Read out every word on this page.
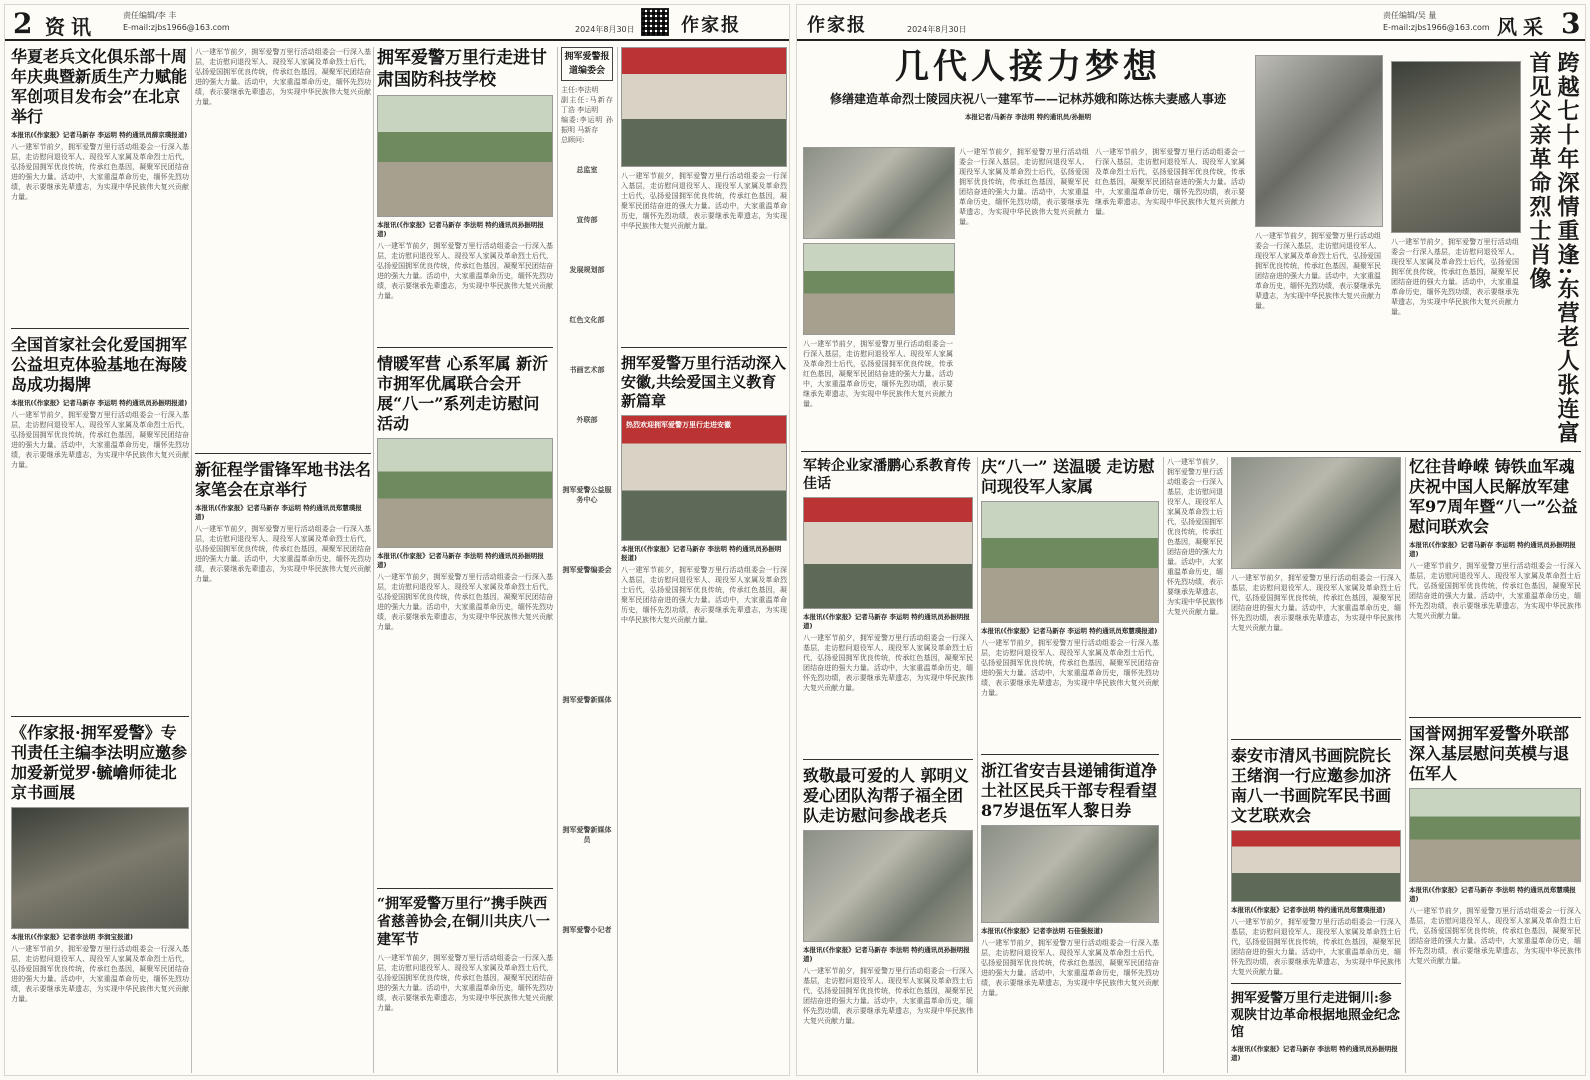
2 资讯	责任编辑/李 丰
E-mail:zjbs1966@163.com	2024年8月30日	作家报
华夏老兵文化俱乐部十周年庆典暨新质生产力赋能军创项目发布会”在北京举行
本报讯(《作家报》记者马新存 李运明 特约通讯员薛京璞报道)
八一建军节前夕，拥军爱警万里行活动组委会一行深入基层，走访慰问退役军人、现役军人家属及革命烈士后代，弘扬爱国拥军优良传统，传承红色基因，凝聚军民团结奋进的强大力量。活动中，大家重温革命历史，缅怀先烈功绩，表示要继承先辈遗志，为实现中华民族伟大复兴贡献力量。
全国首家社会化爱国拥军公益坦克体验基地在海陵岛成功揭牌
本报讯(《作家报》记者马新存 李运明 特约通讯员孙振明报道)
八一建军节前夕，拥军爱警万里行活动组委会一行深入基层，走访慰问退役军人、现役军人家属及革命烈士后代，弘扬爱国拥军优良传统，传承红色基因，凝聚军民团结奋进的强大力量。活动中，大家重温革命历史，缅怀先烈功绩，表示要继承先辈遗志，为实现中华民族伟大复兴贡献力量。
《作家报·拥军爱警》专刊责任主编李法明应邀参加爱新觉罗·毓嶦师徒北京书画展
本报讯(《作家报》记者李法明 李润宝报道)
八一建军节前夕，拥军爱警万里行活动组委会一行深入基层，走访慰问退役军人、现役军人家属及革命烈士后代，弘扬爱国拥军优良传统，传承红色基因，凝聚军民团结奋进的强大力量。活动中，大家重温革命历史，缅怀先烈功绩，表示要继承先辈遗志，为实现中华民族伟大复兴贡献力量。
八一建军节前夕，拥军爱警万里行活动组委会一行深入基层，走访慰问退役军人、现役军人家属及革命烈士后代，弘扬爱国拥军优良传统，传承红色基因，凝聚军民团结奋进的强大力量。活动中，大家重温革命历史，缅怀先烈功绩，表示要继承先辈遗志，为实现中华民族伟大复兴贡献力量。
新征程学雷锋军地书法名家笔会在京举行
本报讯(《作家报》记者马新存 李运明 特约通讯员郑慧璞报道)
八一建军节前夕，拥军爱警万里行活动组委会一行深入基层，走访慰问退役军人、现役军人家属及革命烈士后代，弘扬爱国拥军优良传统，传承红色基因，凝聚军民团结奋进的强大力量。活动中，大家重温革命历史，缅怀先烈功绩，表示要继承先辈遗志，为实现中华民族伟大复兴贡献力量。
拥军爱警万里行走进甘肃国防科技学校
本报讯(《作家报》记者马新存 李法明 特约通讯员孙振明报道)
八一建军节前夕，拥军爱警万里行活动组委会一行深入基层，走访慰问退役军人、现役军人家属及革命烈士后代，弘扬爱国拥军优良传统，传承红色基因，凝聚军民团结奋进的强大力量。活动中，大家重温革命历史，缅怀先烈功绩，表示要继承先辈遗志，为实现中华民族伟大复兴贡献力量。
情暖军营 心系军属 新沂市拥军优属联合会开展“八一”系列走访慰问活动
本报讯(《作家报》记者马新存 李法明 特约通讯员孙振明报道)
八一建军节前夕，拥军爱警万里行活动组委会一行深入基层，走访慰问退役军人、现役军人家属及革命烈士后代，弘扬爱国拥军优良传统，传承红色基因，凝聚军民团结奋进的强大力量。活动中，大家重温革命历史，缅怀先烈功绩，表示要继承先辈遗志，为实现中华民族伟大复兴贡献力量。
“拥军爱警万里行”携手陕西省慈善协会,在铜川共庆八一建军节
八一建军节前夕，拥军爱警万里行活动组委会一行深入基层，走访慰问退役军人、现役军人家属及革命烈士后代，弘扬爱国拥军优良传统，传承红色基因，凝聚军民团结奋进的强大力量。活动中，大家重温革命历史，缅怀先烈功绩，表示要继承先辈遗志，为实现中华民族伟大复兴贡献力量。
拥军爱警报道编委会
主任:李法明
副主任:马新存 丁浩 李运明
编委:李运明 孙振明 马新存
总顾问:
总监室
宣传部
发展规划部
红色文化部
书画艺术部
外联部
拥军爱警公益服务中心
拥军爱警编委会
拥军爱警新媒体
拥军爱警新媒体员
拥军爱警小记者
八一建军节前夕，拥军爱警万里行活动组委会一行深入基层，走访慰问退役军人、现役军人家属及革命烈士后代，弘扬爱国拥军优良传统，传承红色基因，凝聚军民团结奋进的强大力量。活动中，大家重温革命历史，缅怀先烈功绩，表示要继承先辈遗志，为实现中华民族伟大复兴贡献力量。
拥军爱警万里行活动深入安徽,共绘爱国主义教育新篇章
热烈欢迎拥军爱警万里行走进安徽
本报讯(《作家报》记者马新存 李法明 特约通讯员孙振明报道)
八一建军节前夕，拥军爱警万里行活动组委会一行深入基层，走访慰问退役军人、现役军人家属及革命烈士后代，弘扬爱国拥军优良传统，传承红色基因，凝聚军民团结奋进的强大力量。活动中，大家重温革命历史，缅怀先烈功绩，表示要继承先辈遗志，为实现中华民族伟大复兴贡献力量。
作家报	2024年8月30日
责任编辑/吴 量
E-mail:zjbs1966@163.com 风采 3
几代人接力梦想
修缮建造革命烈士陵园庆祝八一建军节——记林苏娥和陈达栋夫妻感人事迹
本报记者/马新存 李法明 特约通讯员/孙振明
八一建军节前夕，拥军爱警万里行活动组委会一行深入基层，走访慰问退役军人、现役军人家属及革命烈士后代，弘扬爱国拥军优良传统，传承红色基因，凝聚军民团结奋进的强大力量。活动中，大家重温革命历史，缅怀先烈功绩，表示要继承先辈遗志，为实现中华民族伟大复兴贡献力量。
八一建军节前夕，拥军爱警万里行活动组委会一行深入基层，走访慰问退役军人、现役军人家属及革命烈士后代，弘扬爱国拥军优良传统，传承红色基因，凝聚军民团结奋进的强大力量。活动中，大家重温革命历史，缅怀先烈功绩，表示要继承先辈遗志，为实现中华民族伟大复兴贡献力量。
八一建军节前夕，拥军爱警万里行活动组委会一行深入基层，走访慰问退役军人、现役军人家属及革命烈士后代，弘扬爱国拥军优良传统，传承红色基因，凝聚军民团结奋进的强大力量。活动中，大家重温革命历史，缅怀先烈功绩，表示要继承先辈遗志，为实现中华民族伟大复兴贡献力量。	跨越七十年深情重逢:东营老人张连富首见父亲革命烈士肖像
八一建军节前夕，拥军爱警万里行活动组委会一行深入基层，走访慰问退役军人、现役军人家属及革命烈士后代，弘扬爱国拥军优良传统，传承红色基因，凝聚军民团结奋进的强大力量。活动中，大家重温革命历史，缅怀先烈功绩，表示要继承先辈遗志，为实现中华民族伟大复兴贡献力量。
八一建军节前夕，拥军爱警万里行活动组委会一行深入基层，走访慰问退役军人、现役军人家属及革命烈士后代，弘扬爱国拥军优良传统，传承红色基因，凝聚军民团结奋进的强大力量。活动中，大家重温革命历史，缅怀先烈功绩，表示要继承先辈遗志，为实现中华民族伟大复兴贡献力量。
军转企业家潘鹏心系教育传佳话
本报讯(《作家报》记者马新存 李运明 特约通讯员孙振明报道)
八一建军节前夕，拥军爱警万里行活动组委会一行深入基层，走访慰问退役军人、现役军人家属及革命烈士后代，弘扬爱国拥军优良传统，传承红色基因，凝聚军民团结奋进的强大力量。活动中，大家重温革命历史，缅怀先烈功绩，表示要继承先辈遗志，为实现中华民族伟大复兴贡献力量。
致敬最可爱的人 郭明义爱心团队沟帮子福全团队走访慰问参战老兵
本报讯(《作家报》记者马新存 李法明 特约通讯员孙振明报道)
八一建军节前夕，拥军爱警万里行活动组委会一行深入基层，走访慰问退役军人、现役军人家属及革命烈士后代，弘扬爱国拥军优良传统，传承红色基因，凝聚军民团结奋进的强大力量。活动中，大家重温革命历史，缅怀先烈功绩，表示要继承先辈遗志，为实现中华民族伟大复兴贡献力量。
庆“八一” 送温暖 走访慰问现役军人家属
本报讯(《作家报》记者马新存 李运明 特约通讯员郑慧璞报道)
八一建军节前夕，拥军爱警万里行活动组委会一行深入基层，走访慰问退役军人、现役军人家属及革命烈士后代，弘扬爱国拥军优良传统，传承红色基因，凝聚军民团结奋进的强大力量。活动中，大家重温革命历史，缅怀先烈功绩，表示要继承先辈遗志，为实现中华民族伟大复兴贡献力量。
浙江省安吉县递铺街道净土社区民兵干部专程看望87岁退伍军人黎日券
本报讯(《作家报》记者李法明 石佳强报道)
八一建军节前夕，拥军爱警万里行活动组委会一行深入基层，走访慰问退役军人、现役军人家属及革命烈士后代，弘扬爱国拥军优良传统，传承红色基因，凝聚军民团结奋进的强大力量。活动中，大家重温革命历史，缅怀先烈功绩，表示要继承先辈遗志，为实现中华民族伟大复兴贡献力量。
八一建军节前夕，拥军爱警万里行活动组委会一行深入基层，走访慰问退役军人、现役军人家属及革命烈士后代，弘扬爱国拥军优良传统，传承红色基因，凝聚军民团结奋进的强大力量。活动中，大家重温革命历史，缅怀先烈功绩，表示要继承先辈遗志，为实现中华民族伟大复兴贡献力量。
八一建军节前夕，拥军爱警万里行活动组委会一行深入基层，走访慰问退役军人、现役军人家属及革命烈士后代，弘扬爱国拥军优良传统，传承红色基因，凝聚军民团结奋进的强大力量。活动中，大家重温革命历史，缅怀先烈功绩，表示要继承先辈遗志，为实现中华民族伟大复兴贡献力量。
泰安市清风书画院院长王绪润一行应邀参加济南八一书画院军民书画文艺联欢会
本报讯(《作家报》记者李法明 特约通讯员郑慧璞报道)
八一建军节前夕，拥军爱警万里行活动组委会一行深入基层，走访慰问退役军人、现役军人家属及革命烈士后代，弘扬爱国拥军优良传统，传承红色基因，凝聚军民团结奋进的强大力量。活动中，大家重温革命历史，缅怀先烈功绩，表示要继承先辈遗志，为实现中华民族伟大复兴贡献力量。
拥军爱警万里行走进铜川:参观陕甘边革命根据地照金纪念馆
本报讯(《作家报》记者马新存 李法明 特约通讯员孙振明报道)
忆往昔峥嵘 铸铁血军魂庆祝中国人民解放军建军97周年暨“八一”公益慰问联欢会
本报讯(《作家报》记者马新存 李运明 特约通讯员孙振明报道)
八一建军节前夕，拥军爱警万里行活动组委会一行深入基层，走访慰问退役军人、现役军人家属及革命烈士后代，弘扬爱国拥军优良传统，传承红色基因，凝聚军民团结奋进的强大力量。活动中，大家重温革命历史，缅怀先烈功绩，表示要继承先辈遗志，为实现中华民族伟大复兴贡献力量。
国誉网拥军爱警外联部深入基层慰问英模与退伍军人
本报讯(《作家报》记者马新存 李法明 特约通讯员郑慧璞报道)
八一建军节前夕，拥军爱警万里行活动组委会一行深入基层，走访慰问退役军人、现役军人家属及革命烈士后代，弘扬爱国拥军优良传统，传承红色基因，凝聚军民团结奋进的强大力量。活动中，大家重温革命历史，缅怀先烈功绩，表示要继承先辈遗志，为实现中华民族伟大复兴贡献力量。
